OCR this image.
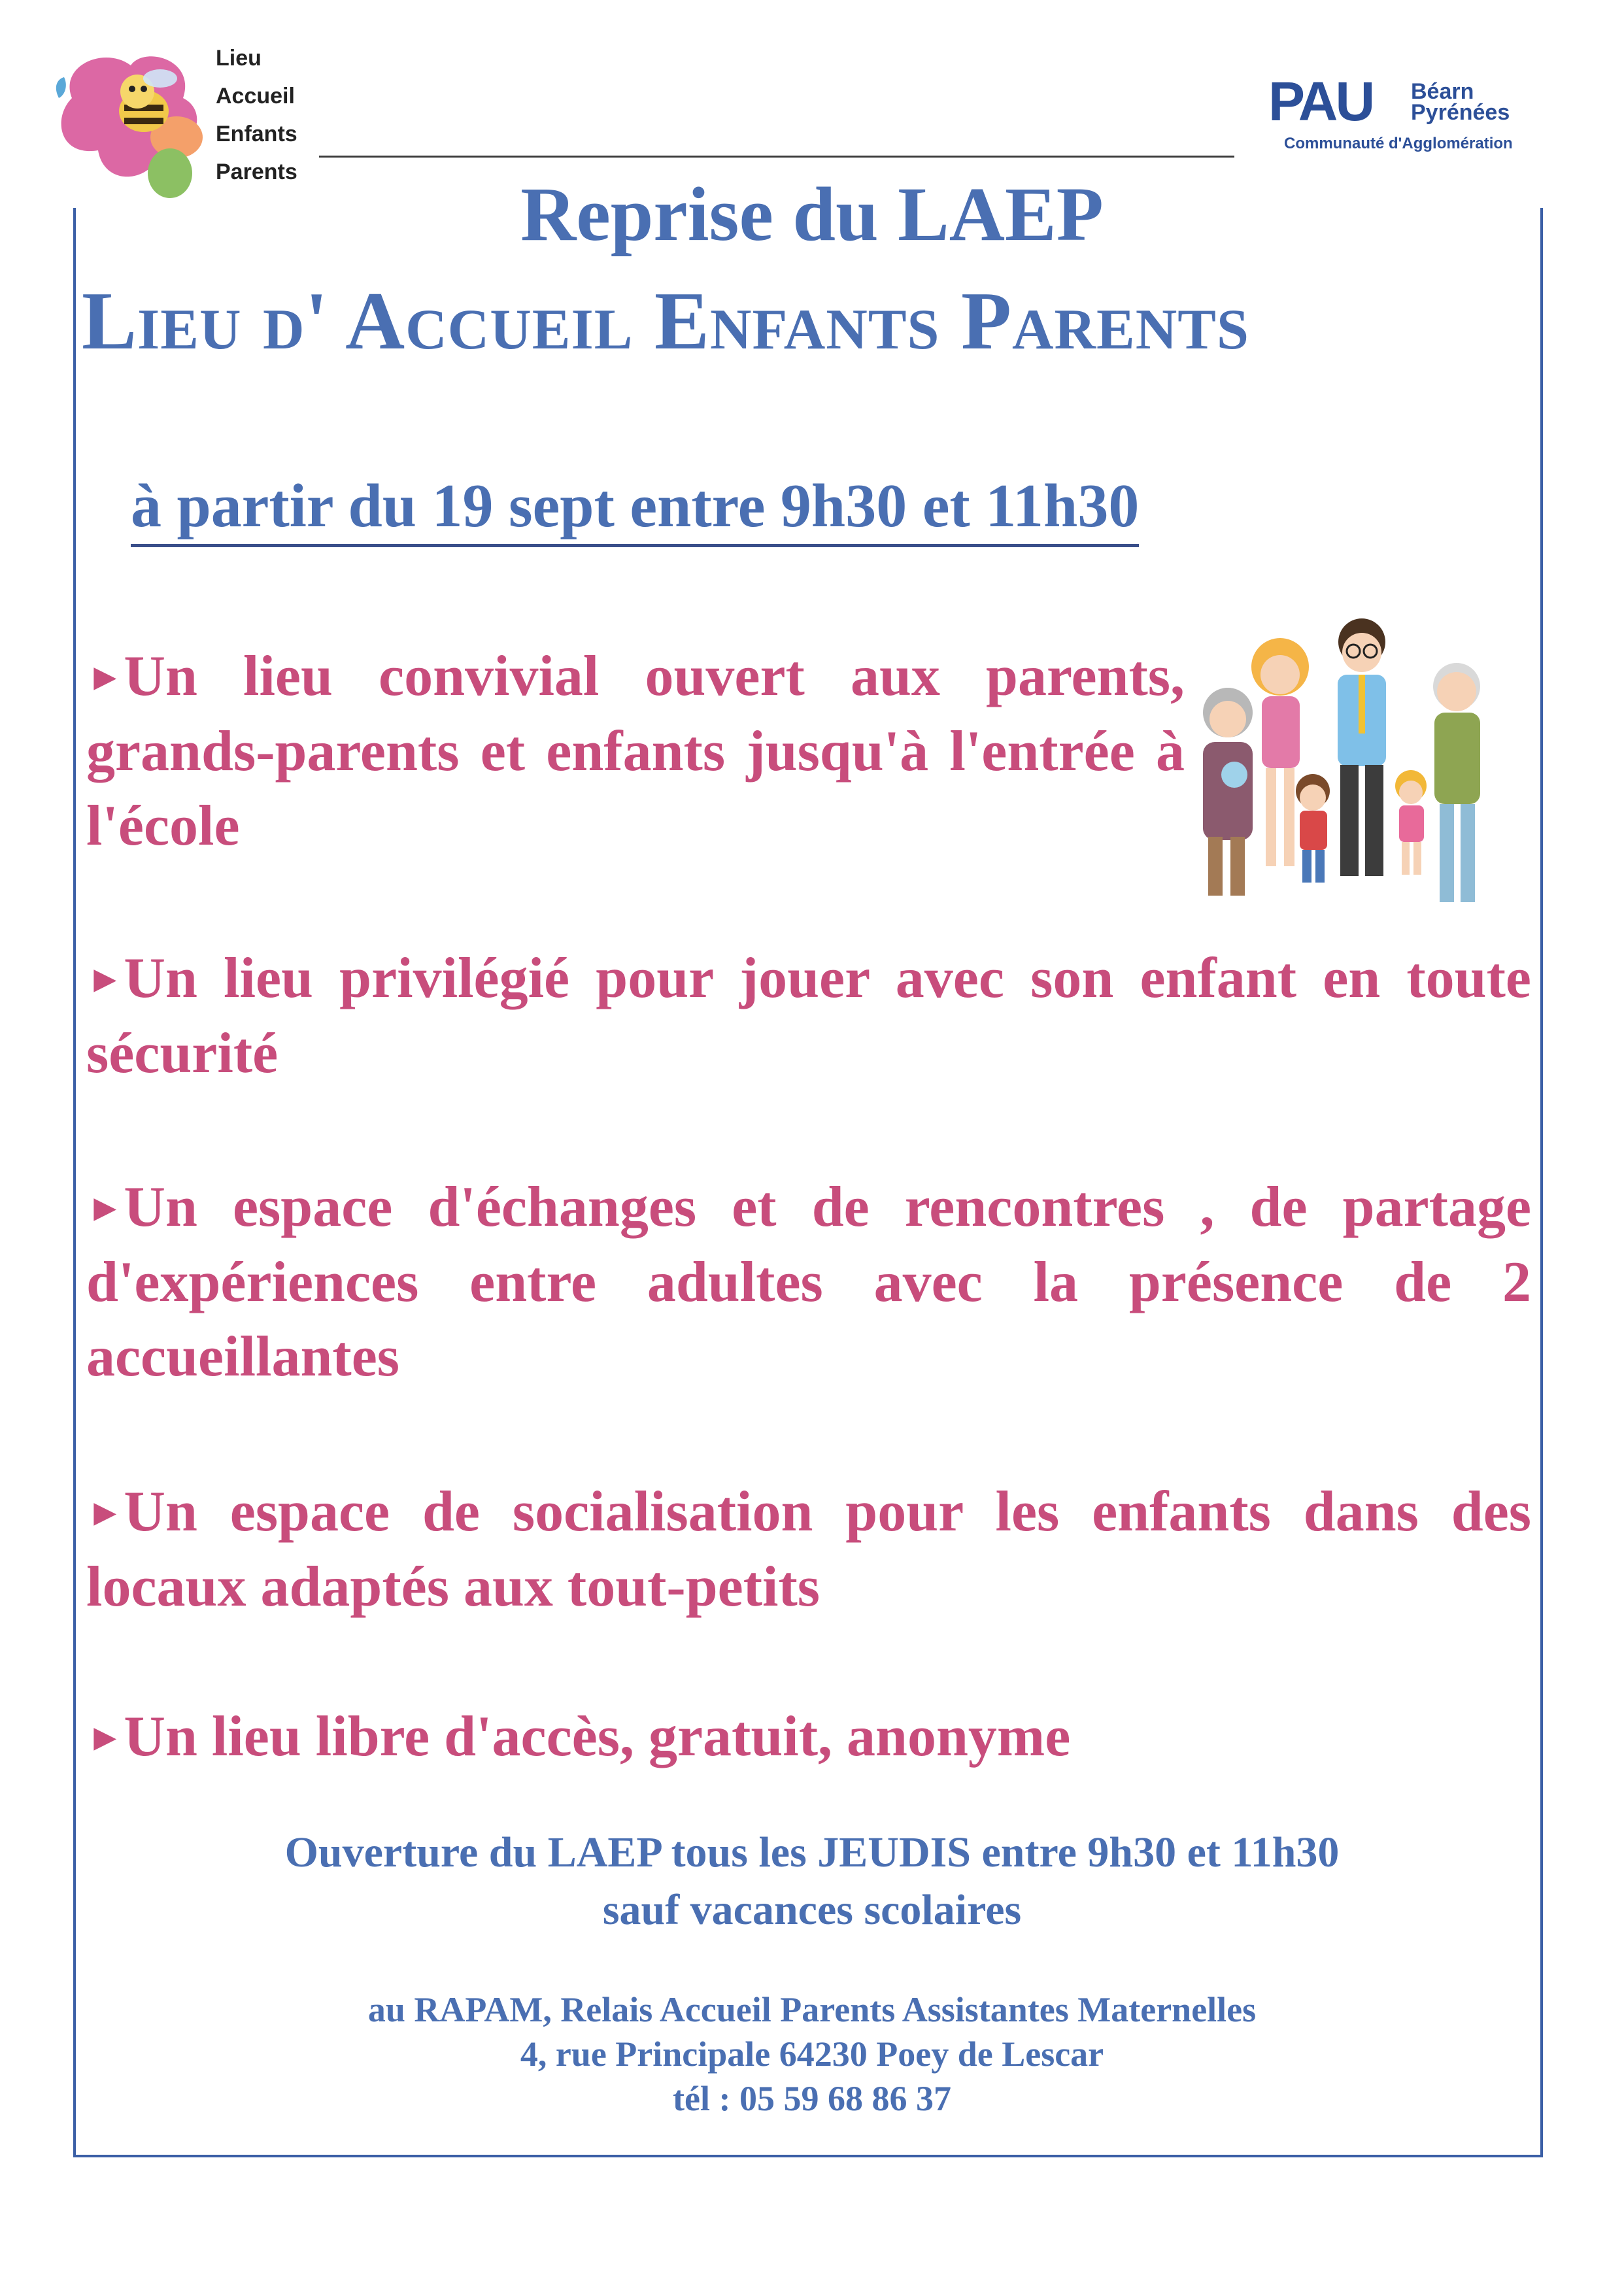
Lieu
Accueil
Enfants
Parents
PAU Béarn
Pyrénées
Communauté d'Agglomération
Reprise du LAEP
Lieu d' Accueil Enfants Parents
à partir du 19 sept entre 9h30 et 11h30
►Un lieu convivial ouvert aux parents, grands-parents et enfants jusqu'à l'entrée à l'école
►Un lieu privilégié pour jouer avec son enfant en toute sécurité
►Un espace d'échanges et de rencontres , de partage d'expériences entre adultes avec la présence de 2 accueillantes
►Un espace de socialisation pour les enfants dans des locaux adaptés aux tout-petits
►Un lieu libre d'accès, gratuit, anonyme
Ouverture du LAEP tous les JEUDIS entre 9h30 et 11h30
sauf vacances scolaires
au RAPAM, Relais Accueil Parents Assistantes Maternelles
4, rue Principale 64230 Poey de Lescar
tél : 05 59 68 86 37
